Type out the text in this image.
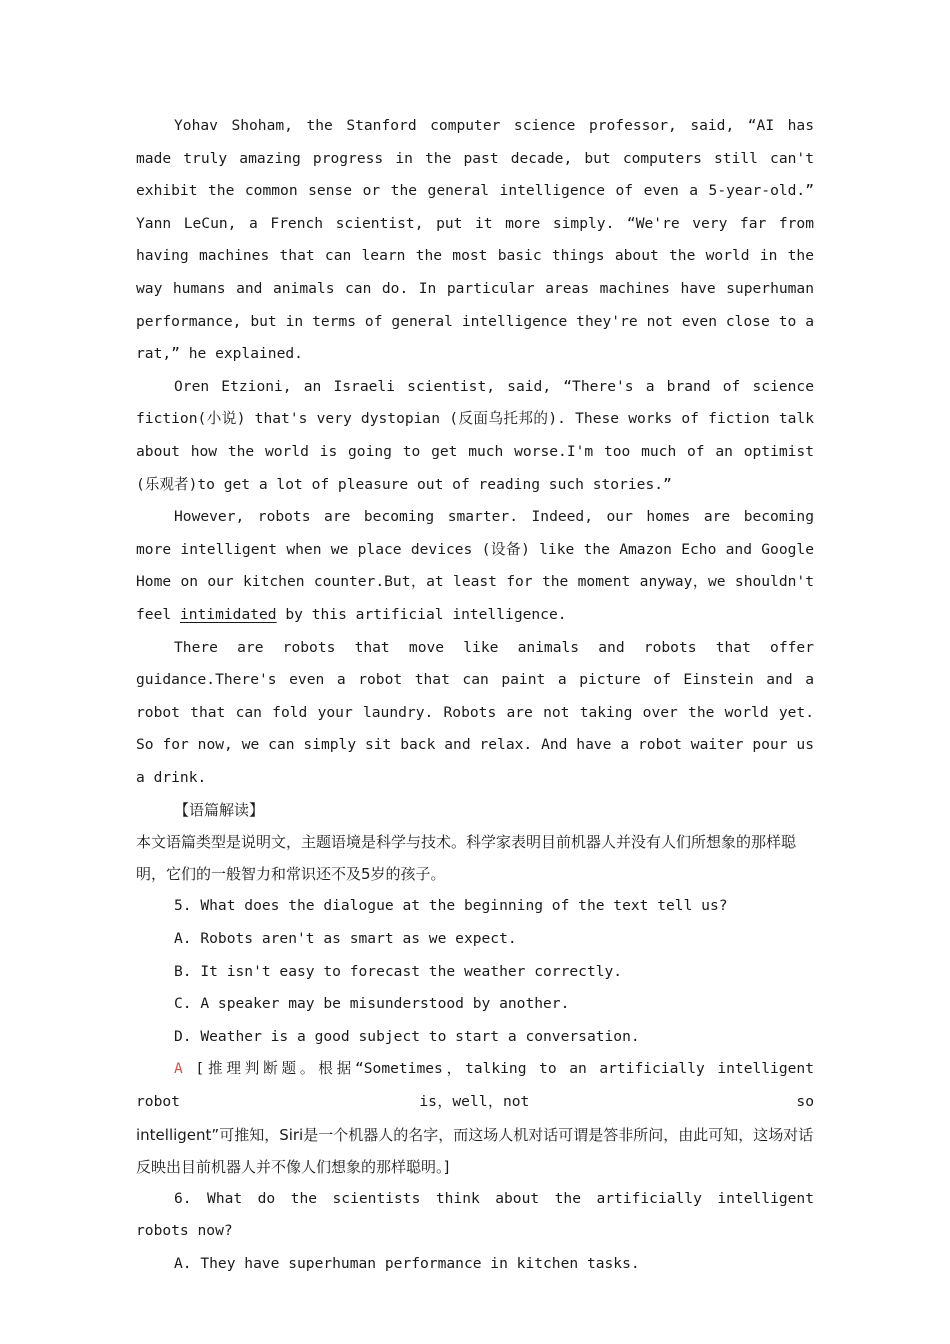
Yohav Shoham, the Stanford computer science professor, said, “AI has made truly amazing progress in the past decade, but computers still can't exhibit the common sense or the general intelligence of even a 5-year-old.” Yann LeCun, a French scientist, put it more simply. “We're very far from having machines that can learn the most basic things about the world in the way humans and animals can do. In particular areas machines have superhuman performance, but in terms of general intelligence they're not even close to a rat,” he explained.

Oren Etzioni, an Israeli scientist, said, “There's a brand of science fiction(小说) that's very dystopian (反面乌托邦的). These works of fiction talk about how the world is going to get much worse.I'm too much of an optimist (乐观者)to get a lot of pleasure out of reading such stories.”

However, robots are becoming smarter. Indeed, our homes are becoming more intelligent when we place devices (设备) like the Amazon Echo and Google Home on our kitchen counter.But，at least for the moment anyway，we shouldn't feel intimidated by this artificial intelligence.

There are robots that move like animals and robots that offer guidance.There's even a robot that can paint a picture of Einstein and a robot that can fold your laundry. Robots are not taking over the world yet. So for now, we can simply sit back and relax. And have a robot waiter pour us a drink.

【语篇解读】

本文语篇类型是说明文，主题语境是科学与技术。科学家表明目前机器人并没有人们所想象的那样聪明，它们的一般智力和常识还不及5岁的孩子。

5. What does the dialogue at the beginning of the text tell us?

A. Robots aren't as smart as we expect.

B. It isn't easy to forecast the weather correctly.

C. A speaker may be misunderstood by another.

D. Weather is a good subject to start a conversation.

A [推理判断题。根据“Sometimes，talking to an artificially intelligent

robot                          is，well，not                             so

intelligent”可推知，Siri是一个机器人的名字，而这场人机对话可谓是答非所问，由此可知，这场对话反映出目前机器人并不像人们想象的那样聪明。]

6. What do the scientists think about the artificially intelligent robots now?

A. They have superhuman performance in kitchen tasks.
